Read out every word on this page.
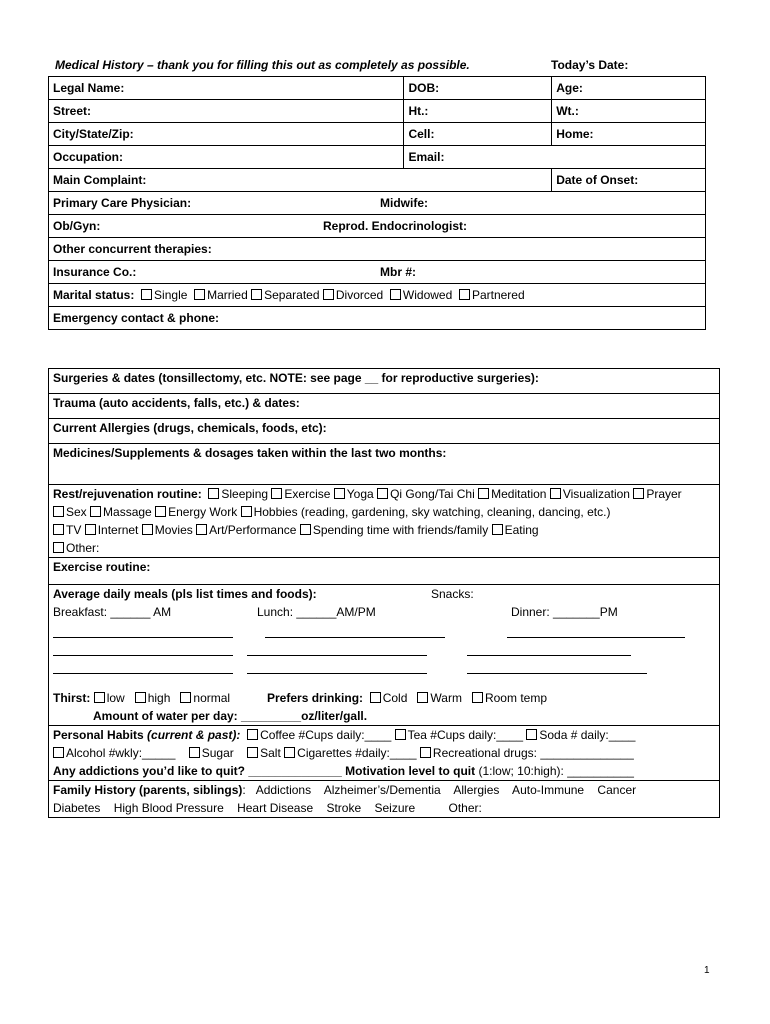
Medical History – thank you for filling this out as completely as possible.	Today’s Date:
Legal Name:	DOB:	Age:
Street:	Ht.:	Wt.:
City/State/Zip:	Cell:	Home:
Occupation:	Email:	
Main Complaint:		Date of Onset:
Primary Care Physician: Midwife:		
Ob/Gyn: Reprod. Endocrinologist:		
Other concurrent therapies:		
Insurance Co.: Mbr #:		
Marital status: Single Married Separated Divorced Widowed Partnered		
Emergency contact & phone:		
Surgeries & dates (tonsillectomy, etc. NOTE: see page __ for reproductive surgeries):
Trauma (auto accidents, falls, etc.) & dates:
Current Allergies (drugs, chemicals, foods, etc):
Medicines/Supplements & dosages taken within the last two months:

Rest/rejuvenation routine: Sleeping Exercise Yoga Qi Gong/Tai Chi Meditation Visualization Prayer
Sex Massage Energy Work Hobbies (reading, gardening, sky watching, cleaning, dancing, etc.)
TV Internet Movies Art/Performance Spending time with friends/family Eating
Other:

Exercise routine:

Average daily meals (pls list times and foods):	Snacks:
Breakfast: ______ AM	Lunch: ______AM/PM	Dinner: _______PM
Thirst: low high normal	Prefers drinking: Cold Warm Room temp
Amount of water per day: _________oz/liter/gall.

Personal Habits (current & past): Coffee #Cups daily:____ Tea #Cups daily:____ Soda # daily:____
Alcohol #wkly:_____ Sugar Salt Cigarettes #daily:____ Recreational drugs: ______________
Any addictions you’d like to quit? ______________ Motivation level to quit (1:low; 10:high): __________

Family History (parents, siblings):   Addictions    Alzheimer’s/Dementia    Allergies    Auto-Immune    Cancer
Diabetes    High Blood Pressure    Heart Disease    Stroke    Seizure          Other:
1
